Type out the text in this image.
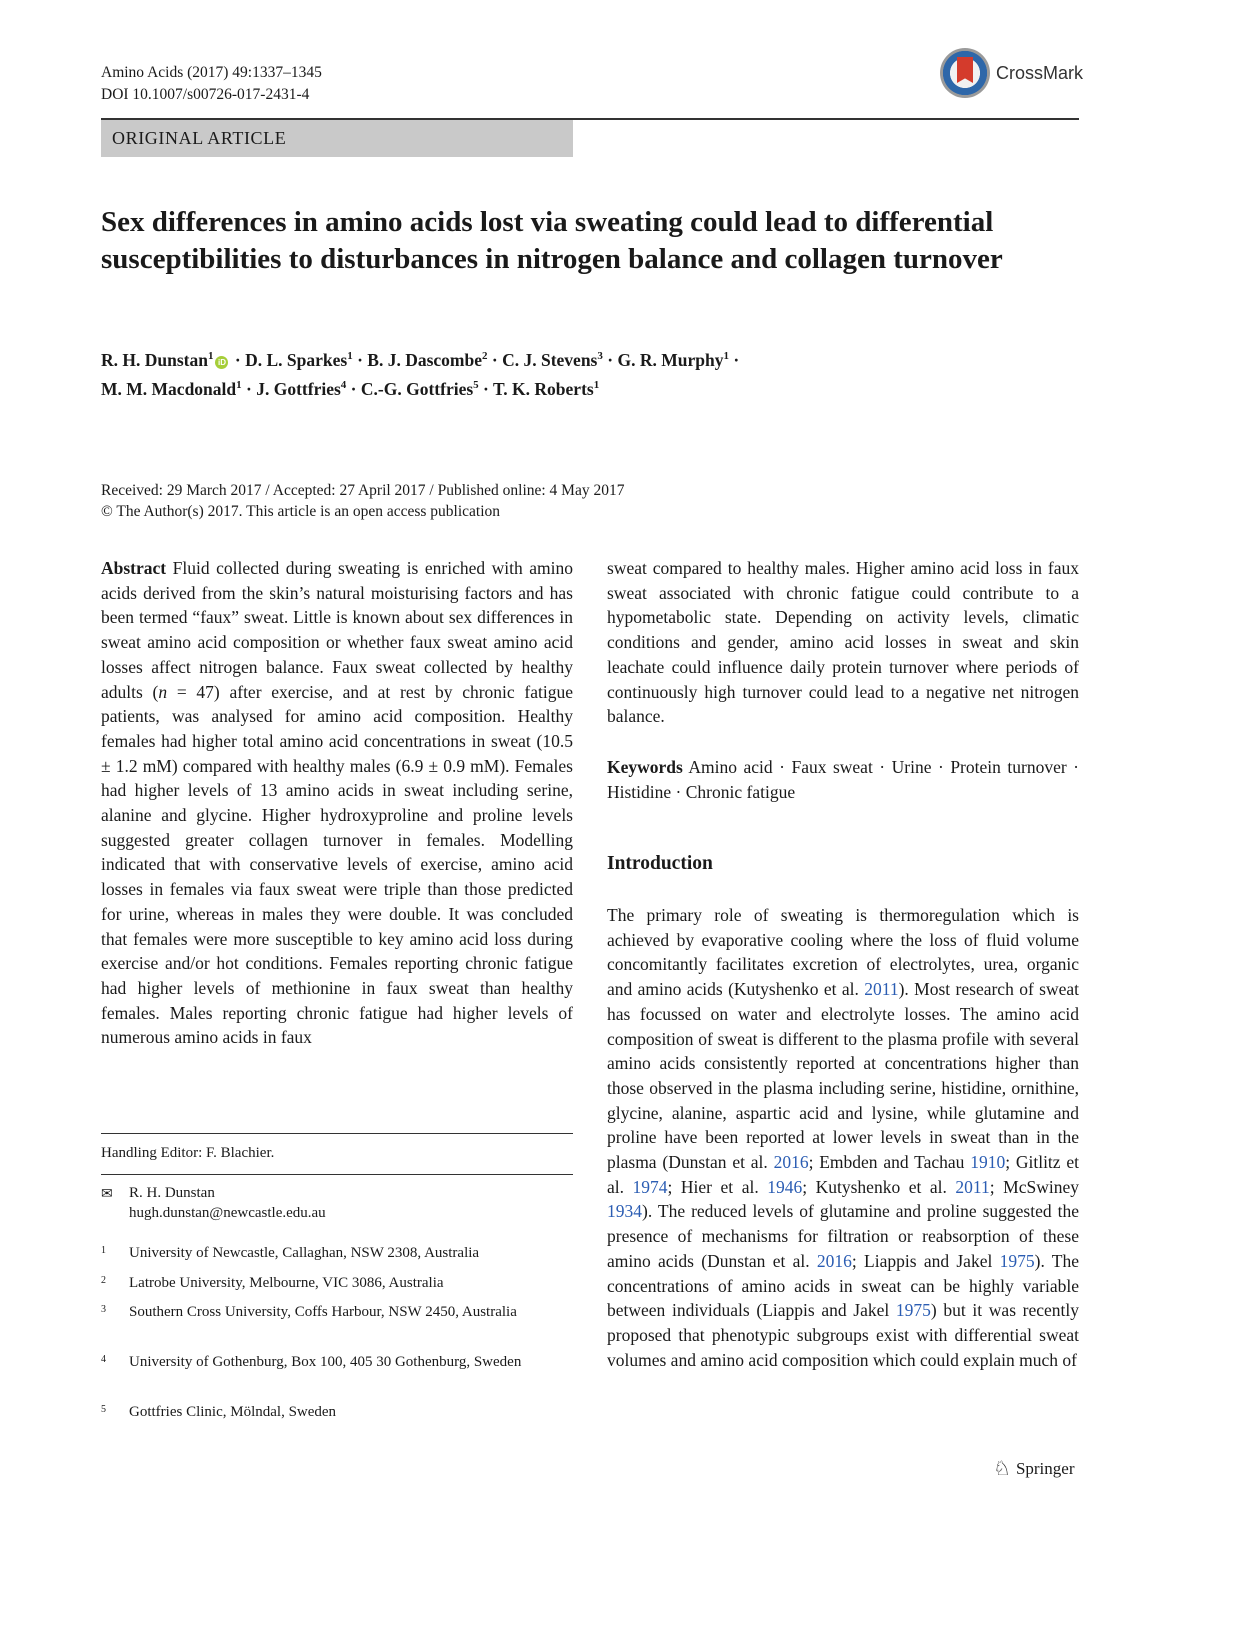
Amino Acids (2017) 49:1337–1345
DOI 10.1007/s00726-017-2431-4
CrossMark
ORIGINAL ARTICLE
Sex differences in amino acids lost via sweating could lead to differential susceptibilities to disturbances in nitrogen balance and collagen turnover
R. H. Dunstan$^1$iD · D. L. Sparkes$^1$ · B. J. Dascombe$^2$ · C. J. Stevens$^3$ · G. R. Murphy$^1$ ·
M. M. Macdonald$^1$ · J. Gottfries$^4$ · C.-G. Gottfries$^5$ · T. K. Roberts$^1$
Received: 29 March 2017 / Accepted: 27 April 2017 / Published online: 4 May 2017
© The Author(s) 2017. This article is an open access publication

Abstract Fluid collected during sweating is enriched with amino acids derived from the skin’s natural moisturising factors and has been termed “faux” sweat. Little is known about sex differences in sweat amino acid composition or whether faux sweat amino acid losses affect nitrogen balance. Faux sweat collected by healthy adults (n = 47) after exercise, and at rest by chronic fatigue patients, was analysed for amino acid composition. Healthy females had higher total amino acid concentrations in sweat (10.5 ± 1.2 mM) compared with healthy males (6.9 ± 0.9 mM). Females had higher levels of 13 amino acids in sweat including serine, alanine and glycine. Higher hydroxyproline and proline levels suggested greater collagen turnover in females. Modelling indicated that with conservative levels of exercise, amino acid losses in females via faux sweat were triple than those predicted for urine, whereas in males they were double. It was concluded that females were more susceptible to key amino acid loss during exercise and/or hot conditions. Females reporting chronic fatigue had higher levels of methionine in faux sweat than healthy females. Males reporting chronic fatigue had higher levels of numerous amino acids in faux

sweat compared to healthy males. Higher amino acid loss in faux sweat associated with chronic fatigue could contribute to a hypometabolic state. Depending on activity levels, climatic conditions and gender, amino acid losses in sweat and skin leachate could influence daily protein turnover where periods of continuously high turnover could lead to a negative net nitrogen balance.

Keywords Amino acid · Faux sweat · Urine · Protein turnover · Histidine · Chronic fatigue

Introduction

The primary role of sweating is thermoregulation which is achieved by evaporative cooling where the loss of fluid volume concomitantly facilitates excretion of electrolytes, urea, organic and amino acids (Kutyshenko et al. 2011). Most research of sweat has focussed on water and electrolyte losses. The amino acid composition of sweat is different to the plasma profile with several amino acids consistently reported at concentrations higher than those observed in the plasma including serine, histidine, ornithine, glycine, alanine, aspartic acid and lysine, while glutamine and proline have been reported at lower levels in sweat than in the plasma (Dunstan et al. 2016; Embden and Tachau 1910; Gitlitz et al. 1974; Hier et al. 1946; Kutyshenko et al. 2011; McSwiney 1934). The reduced levels of glutamine and proline suggested the presence of mechanisms for filtration or reabsorption of these amino acids (Dunstan et al. 2016; Liappis and Jakel 1975). The concentrations of amino acids in sweat can be highly variable between individuals (Liappis and Jakel 1975) but it was recently proposed that phenotypic subgroups exist with differential sweat volumes and amino acid composition which could explain much of

Handling Editor: F. Blachier.
✉ R. H. Dunstan
hugh.dunstan@newcastle.edu.au
1 University of Newcastle, Callaghan, NSW 2308, Australia
2 Latrobe University, Melbourne, VIC 3086, Australia
3 Southern Cross University, Coffs Harbour, NSW 2450, Australia
4 University of Gothenburg, Box 100, 405 30 Gothenburg, Sweden
5 Gottfries Clinic, Mölndal, Sweden
♘ Springer
